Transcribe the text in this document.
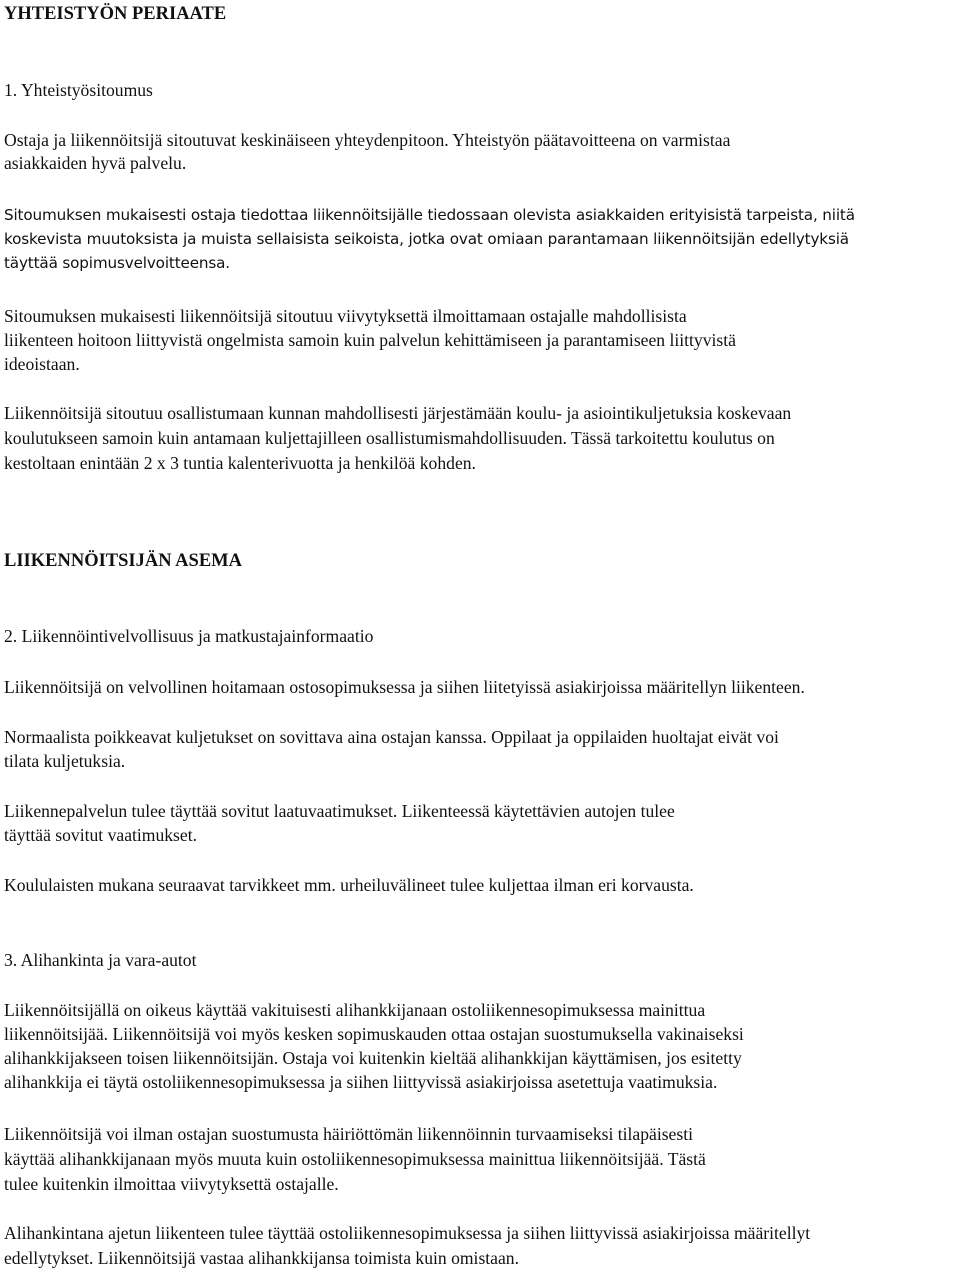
YHTEISTYÖN PERIAATE

1. Yhteistyösitoumus

Ostaja ja liikennöitsijä sitoutuvat keskinäiseen yhteydenpitoon. Yhteistyön päätavoitteena on varmistaa

asiakkaiden hyvä palvelu.

Sitoumuksen mukaisesti ostaja tiedottaa liikennöitsijälle tiedossaan olevista asiakkaiden erityisistä tarpeista, niitä

koskevista muutoksista ja muista sellaisista seikoista, jotka ovat omiaan parantamaan liikennöitsijän edellytyksiä

täyttää sopimusvelvoitteensa.

Sitoumuksen mukaisesti liikennöitsijä sitoutuu viivytyksettä ilmoittamaan ostajalle mahdollisista

liikenteen hoitoon liittyvistä ongelmista samoin kuin palvelun kehittämiseen ja parantamiseen liittyvistä

ideoistaan.

Liikennöitsijä sitoutuu osallistumaan kunnan mahdollisesti järjestämään koulu- ja asiointikuljetuksia koskevaan

koulutukseen samoin kuin antamaan kuljettajilleen osallistumismahdollisuuden. Tässä tarkoitettu koulutus on

kestoltaan enintään 2 x 3 tuntia kalenterivuotta ja henkilöä kohden.

LIIKENNÖITSIJÄN ASEMA

2. Liikennöintivelvollisuus ja matkustajainformaatio

Liikennöitsijä on velvollinen hoitamaan ostosopimuksessa ja siihen liitetyissä asiakirjoissa määritellyn liikenteen.

Normaalista poikkeavat kuljetukset on sovittava aina ostajan kanssa. Oppilaat ja oppilaiden huoltajat eivät voi

tilata kuljetuksia.

Liikennepalvelun tulee täyttää sovitut laatuvaatimukset. Liikenteessä käytettävien autojen tulee

täyttää sovitut vaatimukset.

Koululaisten mukana seuraavat tarvikkeet mm. urheiluvälineet tulee kuljettaa ilman eri korvausta.

3. Alihankinta ja vara-autot

Liikennöitsijällä on oikeus käyttää vakituisesti alihankkijanaan ostoliikennesopimuksessa mainittua

liikennöitsijää. Liikennöitsijä voi myös kesken sopimuskauden ottaa ostajan suostumuksella vakinaiseksi

alihankkijakseen toisen liikennöitsijän. Ostaja voi kuitenkin kieltää alihankkijan käyttämisen, jos esitetty

alihankkija ei täytä ostoliikennesopimuksessa ja siihen liittyvissä asiakirjoissa asetettuja vaatimuksia.

Liikennöitsijä voi ilman ostajan suostumusta häiriöttömän liikennöinnin turvaamiseksi tilapäisesti

käyttää alihankkijanaan myös muuta kuin ostoliikennesopimuksessa mainittua liikennöitsijää. Tästä

tulee kuitenkin ilmoittaa viivytyksettä ostajalle.

Alihankintana ajetun liikenteen tulee täyttää ostoliikennesopimuksessa ja siihen liittyvissä asiakirjoissa määritellyt

edellytykset. Liikennöitsijä vastaa alihankkijansa toimista kuin omistaan.
